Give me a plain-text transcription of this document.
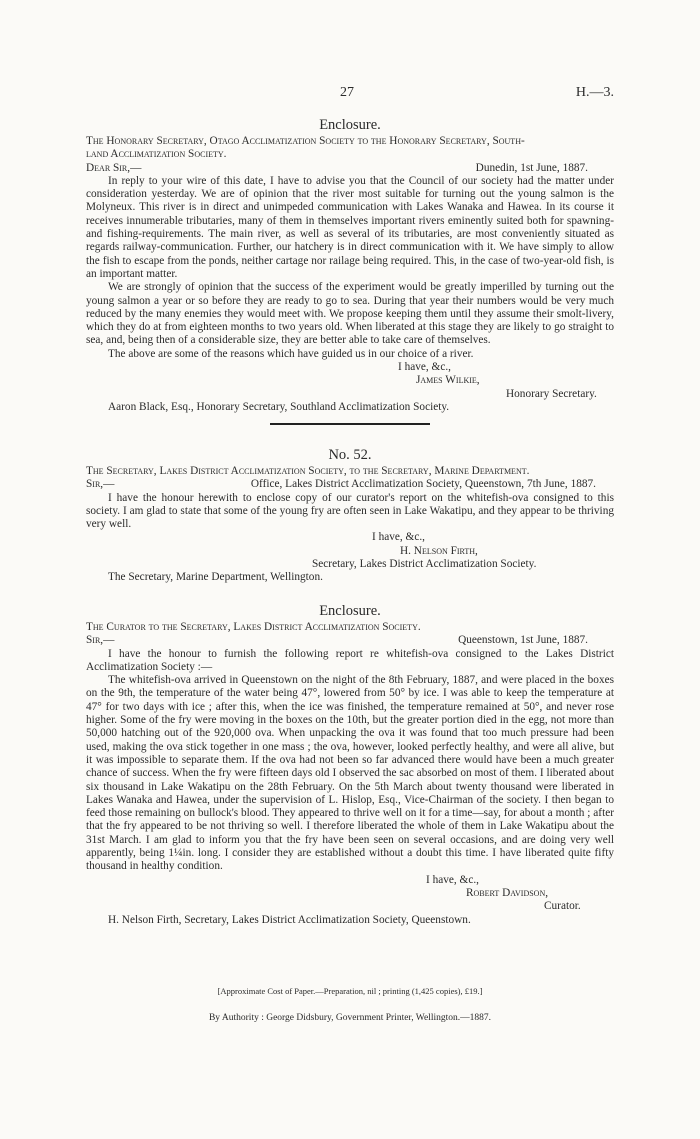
27	H.—3.

Enclosure.

The Honorary Secretary, Otago Acclimatization Society to the Honorary Secretary, South-

land Acclimatization Society.

Dear Sir,—	Dunedin, 1st June, 1887.

In reply to your wire of this date, I have to advise you that the Council of our society had the matter under consideration yesterday. We are of opinion that the river most suitable for turning out the young salmon is the Molyneux. This river is in direct and unimpeded communication with Lakes Wanaka and Hawea. In its course it receives innumerable tributaries, many of them in themselves important rivers eminently suited both for spawning- and fishing-requirements. The main river, as well as several of its tributaries, are most conveniently situated as regards railway-communication. Further, our hatchery is in direct communication with it. We have simply to allow the fish to escape from the ponds, neither cartage nor railage being required. This, in the case of two-year-old fish, is an important matter.

We are strongly of opinion that the success of the experiment would be greatly imperilled by turning out the young salmon a year or so before they are ready to go to sea. During that year their numbers would be very much reduced by the many enemies they would meet with. We propose keeping them until they assume their smolt-livery, which they do at from eighteen months to two years old. When liberated at this stage they are likely to go straight to sea, and, being then of a considerable size, they are better able to take care of themselves.

The above are some of the reasons which have guided us in our choice of a river.

I have, &c.,

James Wilkie,

Honorary Secretary.

Aaron Black, Esq., Honorary Secretary, Southland Acclimatization Society.

No. 52.

The Secretary, Lakes District Acclimatization Society, to the Secretary, Marine Department.

Sir,—	Office, Lakes District Acclimatization Society, Queenstown, 7th June, 1887.

I have the honour herewith to enclose copy of our curator's report on the whitefish-ova consigned to this society. I am glad to state that some of the young fry are often seen in Lake Wakatipu, and they appear to be thriving very well.

I have, &c.,

H. Nelson Firth,

Secretary, Lakes District Acclimatization Society.

The Secretary, Marine Department, Wellington.

Enclosure.

The Curator to the Secretary, Lakes District Acclimatization Society.

Sir,—	Queenstown, 1st June, 1887.

I have the honour to furnish the following report re whitefish-ova consigned to the Lakes District Acclimatization Society :—

The whitefish-ova arrived in Queenstown on the night of the 8th February, 1887, and were placed in the boxes on the 9th, the temperature of the water being 47°, lowered from 50° by ice. I was able to keep the temperature at 47° for two days with ice ; after this, when the ice was finished, the temperature remained at 50°, and never rose higher. Some of the fry were moving in the boxes on the 10th, but the greater portion died in the egg, not more than 50,000 hatching out of the 920,000 ova. When unpacking the ova it was found that too much pressure had been used, making the ova stick together in one mass ; the ova, however, looked perfectly healthy, and were all alive, but it was impossible to separate them. If the ova had not been so far advanced there would have been a much greater chance of success. When the fry were fifteen days old I observed the sac absorbed on most of them. I liberated about six thousand in Lake Wakatipu on the 28th February. On the 5th March about twenty thousand were liberated in Lakes Wanaka and Hawea, under the supervision of L. Hislop, Esq., Vice-Chairman of the society. I then began to feed those remaining on bullock's blood. They appeared to thrive well on it for a time—say, for about a month ; after that the fry appeared to be not thriving so well. I therefore liberated the whole of them in Lake Wakatipu about the 31st March. I am glad to inform you that the fry have been seen on several occasions, and are doing very well apparently, being 1¼in. long. I consider they are established without a doubt this time. I have liberated quite fifty thousand in healthy condition.

I have, &c.,

Robert Davidson,

Curator.

H. Nelson Firth, Secretary, Lakes District Acclimatization Society, Queenstown.

[Approximate Cost of Paper.—Preparation, nil ; printing (1,425 copies), £19.]
By Authority : George Didsbury, Government Printer, Wellington.—1887.
